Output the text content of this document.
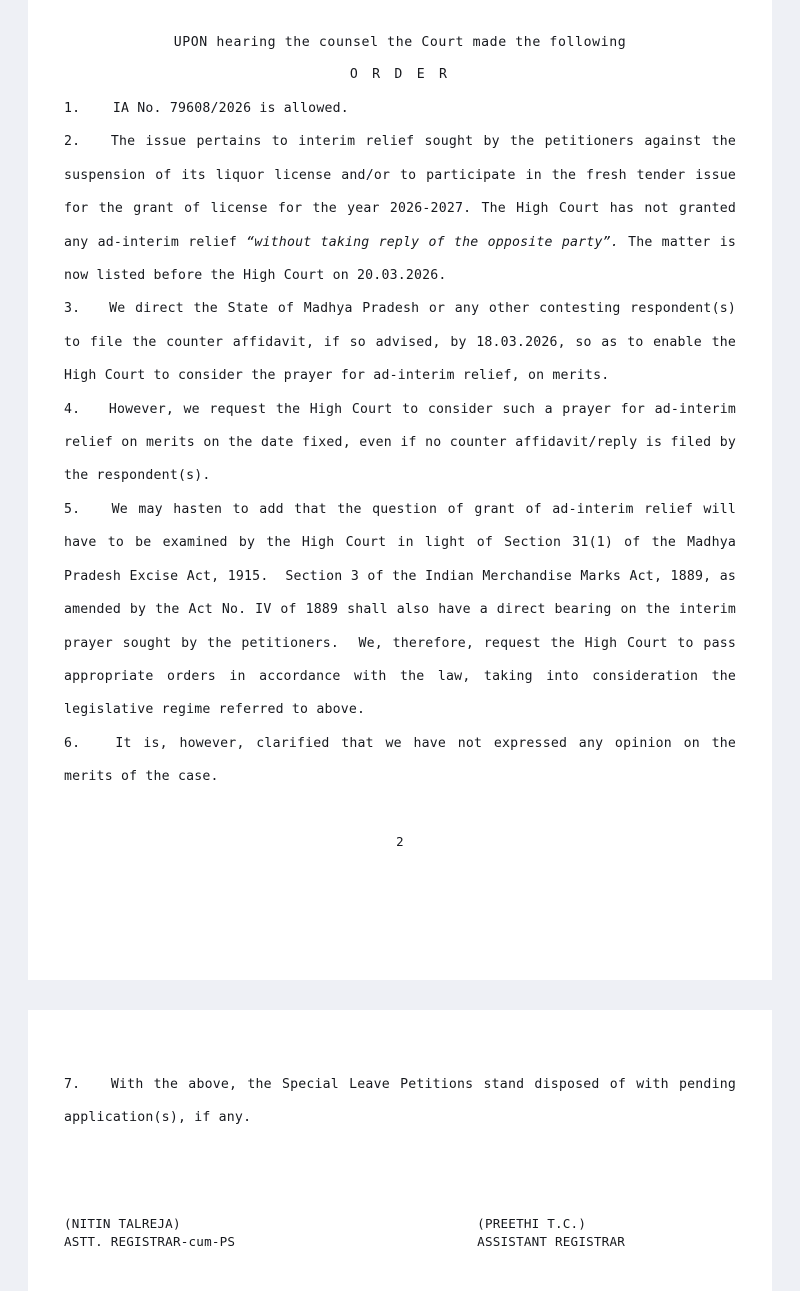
UPON hearing the counsel the Court made the following
O R D E R
1.    IA No. 79608/2026 is allowed.
2.   The issue pertains to interim relief sought by the petitioners against the suspension of its liquor license and/or to participate in the fresh tender issue for the grant of license for the year 2026-2027. The High Court has not granted any ad-interim relief “without taking reply of the opposite party”. The matter is now listed before the High Court on 20.03.2026.
3.   We direct the State of Madhya Pradesh or any other contesting respondent(s) to file the counter affidavit, if so advised, by 18.03.2026, so as to enable the High Court to consider the prayer for ad-interim relief, on merits.
4.   However, we request the High Court to consider such a prayer for ad-interim relief on merits on the date fixed, even if no counter affidavit/reply is filed by the respondent(s).
5.   We may hasten to add that the question of grant of ad-interim relief will have to be examined by the High Court in light of Section 31(1) of the Madhya Pradesh Excise Act, 1915.  Section 3 of the Indian Merchandise Marks Act, 1889, as amended by the Act No. IV of 1889 shall also have a direct bearing on the interim prayer sought by the petitioners.  We, therefore, request the High Court to pass appropriate orders in accordance with the law, taking into consideration the legislative regime referred to above.
6.   It is, however, clarified that we have not expressed any opinion on the merits of the case.
2
7.   With the above, the Special Leave Petitions stand disposed of with pending application(s), if any.
(NITIN TALREJA)
ASTT. REGISTRAR-cum-PS
(PREETHI T.C.)
ASSISTANT REGISTRAR
